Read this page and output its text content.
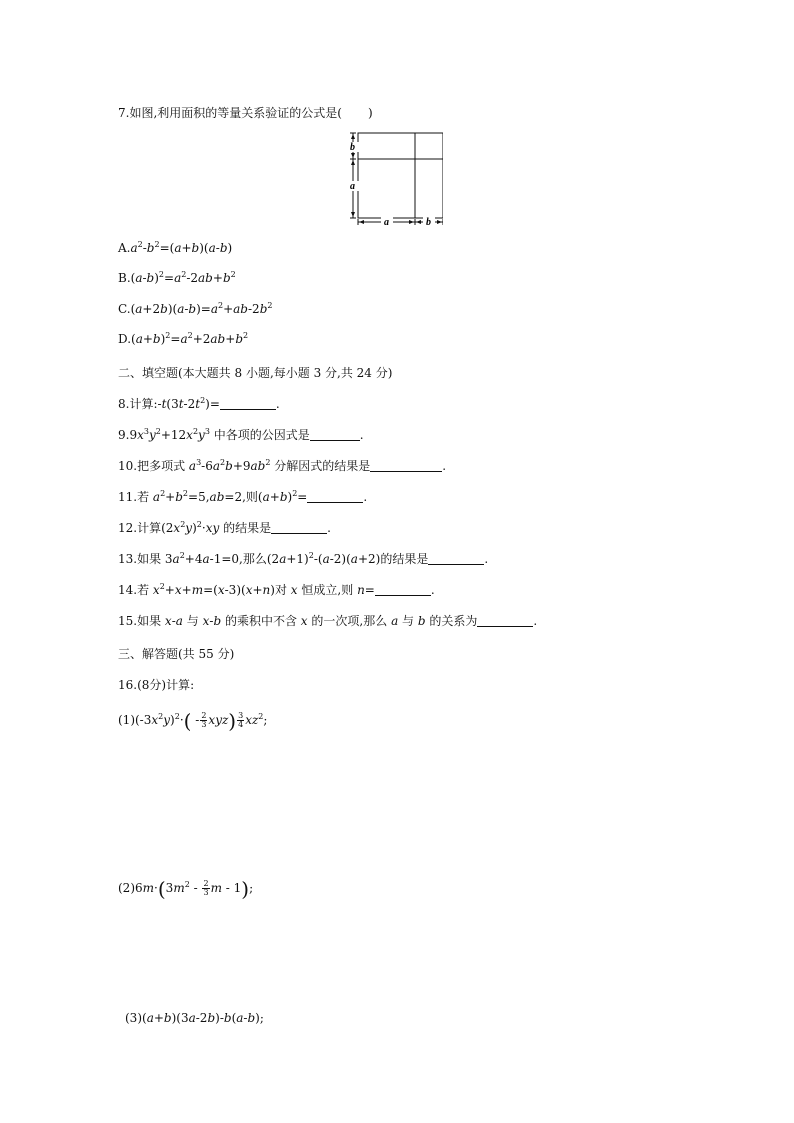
7.如图,利用面积的等量关系验证的公式是( )
b
a
a	b
$A.a^2-b^2=(a+b)(a-b)$
$B.(a-b)^2=a^2-2ab+b^2$
$C.(a+2b)(a-b)=a^2+ab-2b^2$
$D.(a+b)^2=a^2+2ab+b^2$
二、填空题(本大题共 8 小题,每小题 3 分,共 24 分)
8.计算$:-t(3t-2t^2)=$	.
$9.9x^3y^2+12x^2y^3$ 中各项的公因式是	.
10.把多项式 $a^3-6a^2b+9ab^2$ 分解因式的结果是	.
11.若 $a^2+b^2=5,ab=2$,则$(a+b)^2=$	.
12.计算$(2x^2y)^2\cdot xy$ 的结果是	.
13.如果 $3a^2+4a-1=0$,那么$(2a+1)^2-(a-2)(a+2)$的结果是	.
14.若 $x^2+x+m=(x-3)(x+n)$对 x 恒成立,则 n=	.
15.如果 x-a 与 x-b 的乘积中不含 x 的一次项,那么 a 与 b 的关系为	.
三、解答题(共 55 分)
16.(8分)计算:
$(1)(-3x^2y)^2\cdot( - \frac{2}{3} xyz) \frac{3}{4} xz^2$;
$(2)6m\cdot(3m^2 - \frac{2}{3}$ m - 1);
(3)(a+b)(3a-2b)-b(a-b);
